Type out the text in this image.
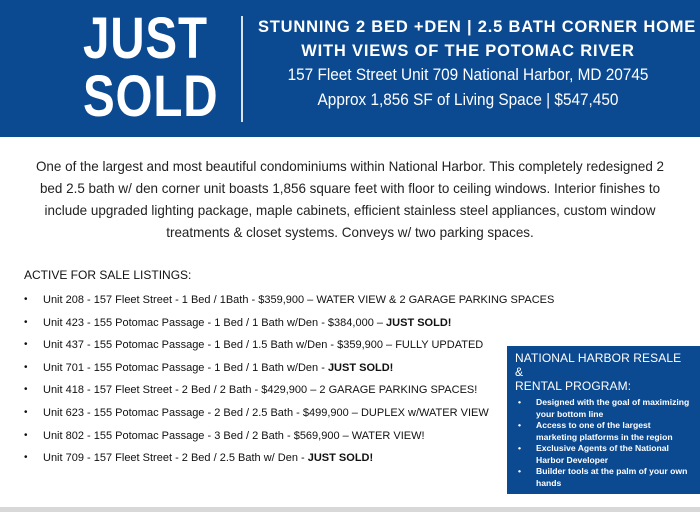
JUST
SOLD
STUNNING 2 BED +DEN | 2.5 BATH CORNER HOME
WITH VIEWS OF THE POTOMAC RIVER
157 Fleet Street Unit 709 National Harbor, MD 20745
Approx 1,856 SF of Living Space | $547,450

One of the largest and most beautiful condominiums within National Harbor. This completely redesigned 2 bed 2.5 bath w/ den corner unit boasts 1,856 square feet with floor to ceiling windows. Interior finishes to include upgraded lighting package, maple cabinets, efficient stainless steel appliances, custom window treatments & closet systems. Conveys w/ two parking spaces.

ACTIVE FOR SALE LISTINGS:
• Unit 208 - 157 Fleet Street - 1 Bed / 1Bath - $359,900 – WATER VIEW & 2 GARAGE PARKING SPACES
• Unit 423 - 155 Potomac Passage - 1 Bed / 1 Bath w/Den - $384,000 – JUST SOLD!
• Unit 437 - 155 Potomac Passage - 1 Bed / 1.5 Bath w/Den - $359,900 – FULLY UPDATED
• Unit 701 - 155 Potomac Passage - 1 Bed / 1 Bath w/Den - JUST SOLD!
• Unit 418 - 157 Fleet Street - 2 Bed / 2 Bath - $429,900 – 2 GARAGE PARKING SPACES!
• Unit 623 - 155 Potomac Passage - 2 Bed / 2.5 Bath - $499,900 – DUPLEX w/WATER VIEW
• Unit 802 - 155 Potomac Passage - 3 Bed / 2 Bath - $569,900 – WATER VIEW!
• Unit 709 - 157 Fleet Street - 2 Bed / 2.5 Bath w/ Den - JUST SOLD!
NATIONAL HARBOR RESALE &
RENTAL PROGRAM:
• Designed with the goal of maximizing your bottom line
• Access to one of the largest marketing platforms in the region
• Exclusive Agents of the National Harbor Developer
• Builder tools at the palm of your own hands
